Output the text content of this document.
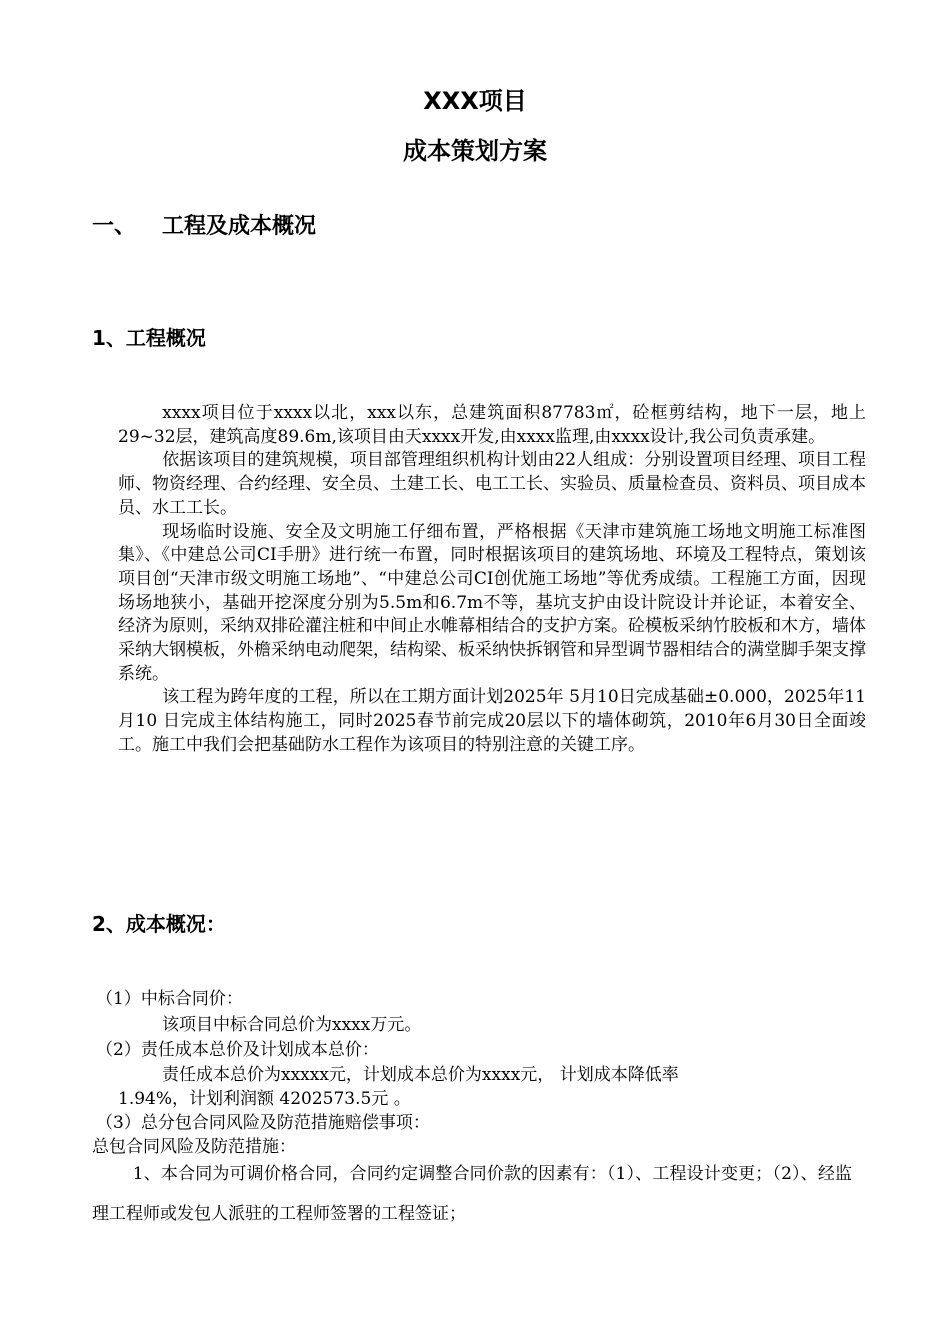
XXX项目
成本策划方案
一、 工程及成本概况
1、工程概况

xxxx项目位于xxxx以北，xxx以东，总建筑面积87783㎡，砼框剪结构，地下一层，地上29~32层，建筑高度89.6m,该项目由天xxxx开发,由xxxx监理,由xxxx设计,我公司负责承建。

依据该项目的建筑规模，项目部管理组织机构计划由22人组成：分别设置项目经理、项目工程师、物资经理、合约经理、安全员、土建工长、电工工长、实验员、质量检查员、资料员、项目成本员、水工工长。

现场临时设施、安全及文明施工仔细布置，严格根据《天津市建筑施工场地文明施工标准图集》、《中建总公司CI手册》进行统一布置，同时根据该项目的建筑场地、环境及工程特点，策划该项目创“天津市级文明施工场地”、“中建总公司CI创优施工场地”等优秀成绩。工程施工方面，因现场场地狭小，基础开挖深度分别为5.5m和6.7m不等，基坑支护由设计院设计并论证，本着安全、经济为原则，采纳双排砼灌注桩和中间止水帷幕相结合的支护方案。砼模板采纳竹胶板和木方，墙体采纳大钢模板，外檐采纳电动爬架，结构梁、板采纳快拆钢管和异型调节器相结合的满堂脚手架支撑系统。

该工程为跨年度的工程，所以在工期方面计划2025年 5月10日完成基础±0.000，2025年11月10 日完成主体结构施工，同时2025春节前完成20层以下的墙体砌筑，2010年6月30日全面竣工。施工中我们会把基础防水工程作为该项目的特别注意的关键工序。

2、成本概况：
（1）中标合同价：
该项目中标合同总价为xxxx万元。
（2）责任成本总价及计划成本总价：
责任成本总价为xxxxx元，计划成本总价为xxxx元， 计划成本降低率
1.94%，计划利润额 4202573.5元 。
（3）总分包合同风险及防范措施赔偿事项：
总包合同风险及防范措施：
1、本合同为可调价格合同，合同约定调整合同价款的因素有：（1）、工程设计变更；（2）、经监理工程师或发包人派驻的工程师签署的工程签证；
